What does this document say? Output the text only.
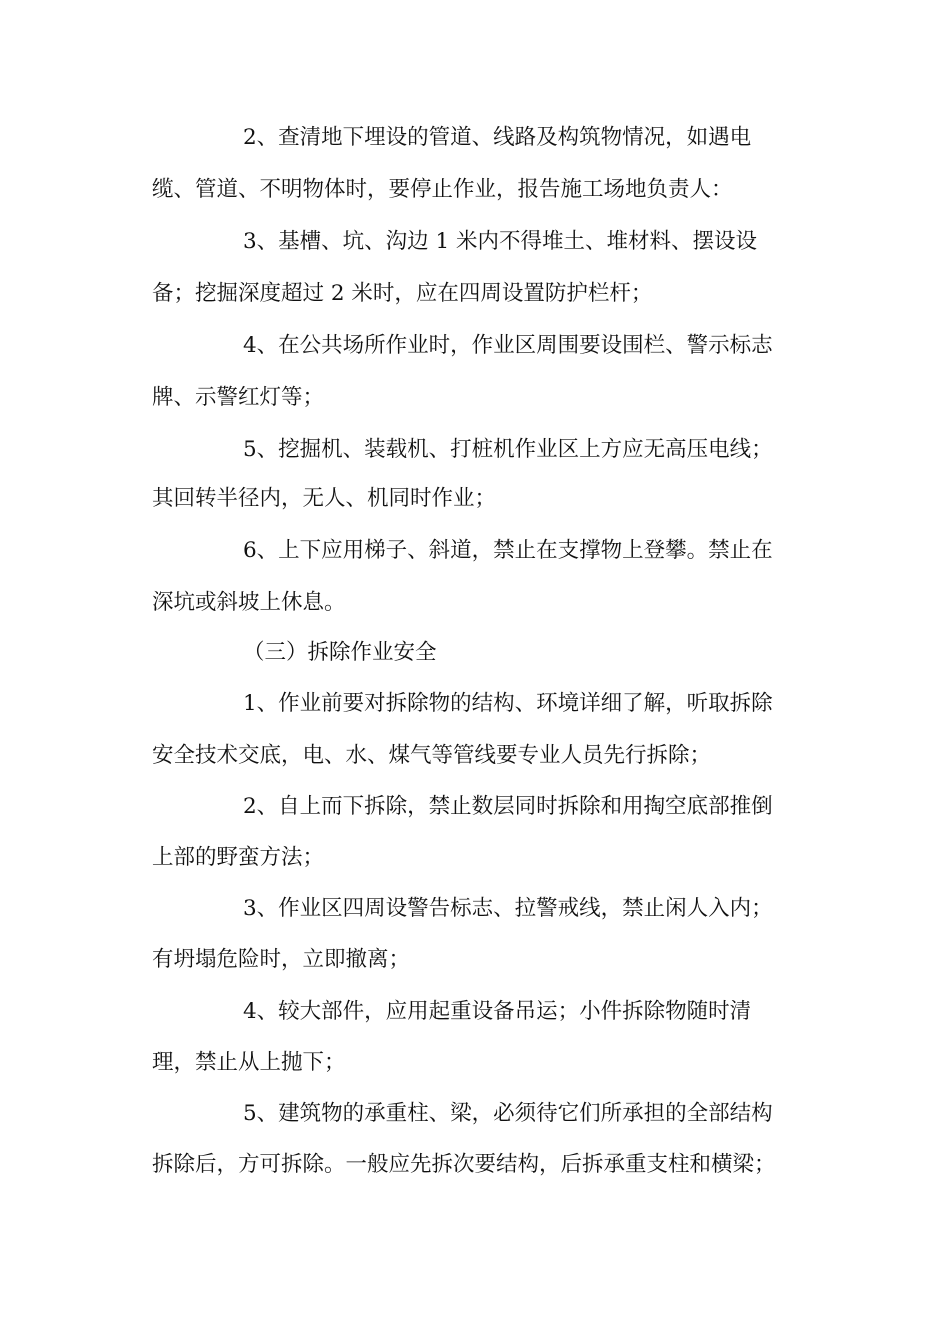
2、查清地下埋设的管道、线路及构筑物情况，如遇电
缆、管道、不明物体时，要停止作业，报告施工场地负责人：
3、基槽、坑、沟边 1 米内不得堆土、堆材料、摆设设
备；挖掘深度超过 2 米时，应在四周设置防护栏杆；
4、在公共场所作业时，作业区周围要设围栏、警示标志
牌、示警红灯等；
5、挖掘机、装载机、打桩机作业区上方应无高压电线；
其回转半径内，无人、机同时作业；
6、上下应用梯子、斜道，禁止在支撑物上登攀。禁止在
深坑或斜坡上休息。
（三）拆除作业安全
1、作业前要对拆除物的结构、环境详细了解，听取拆除
安全技术交底，电、水、煤气等管线要专业人员先行拆除；
2、自上而下拆除，禁止数层同时拆除和用掏空底部推倒
上部的野蛮方法；
3、作业区四周设警告标志、拉警戒线，禁止闲人入内；
有坍塌危险时，立即撤离；
4、较大部件，应用起重设备吊运；小件拆除物随时清
理，禁止从上抛下；
5、建筑物的承重柱、梁，必须待它们所承担的全部结构
拆除后，方可拆除。一般应先拆次要结构，后拆承重支柱和横梁；
